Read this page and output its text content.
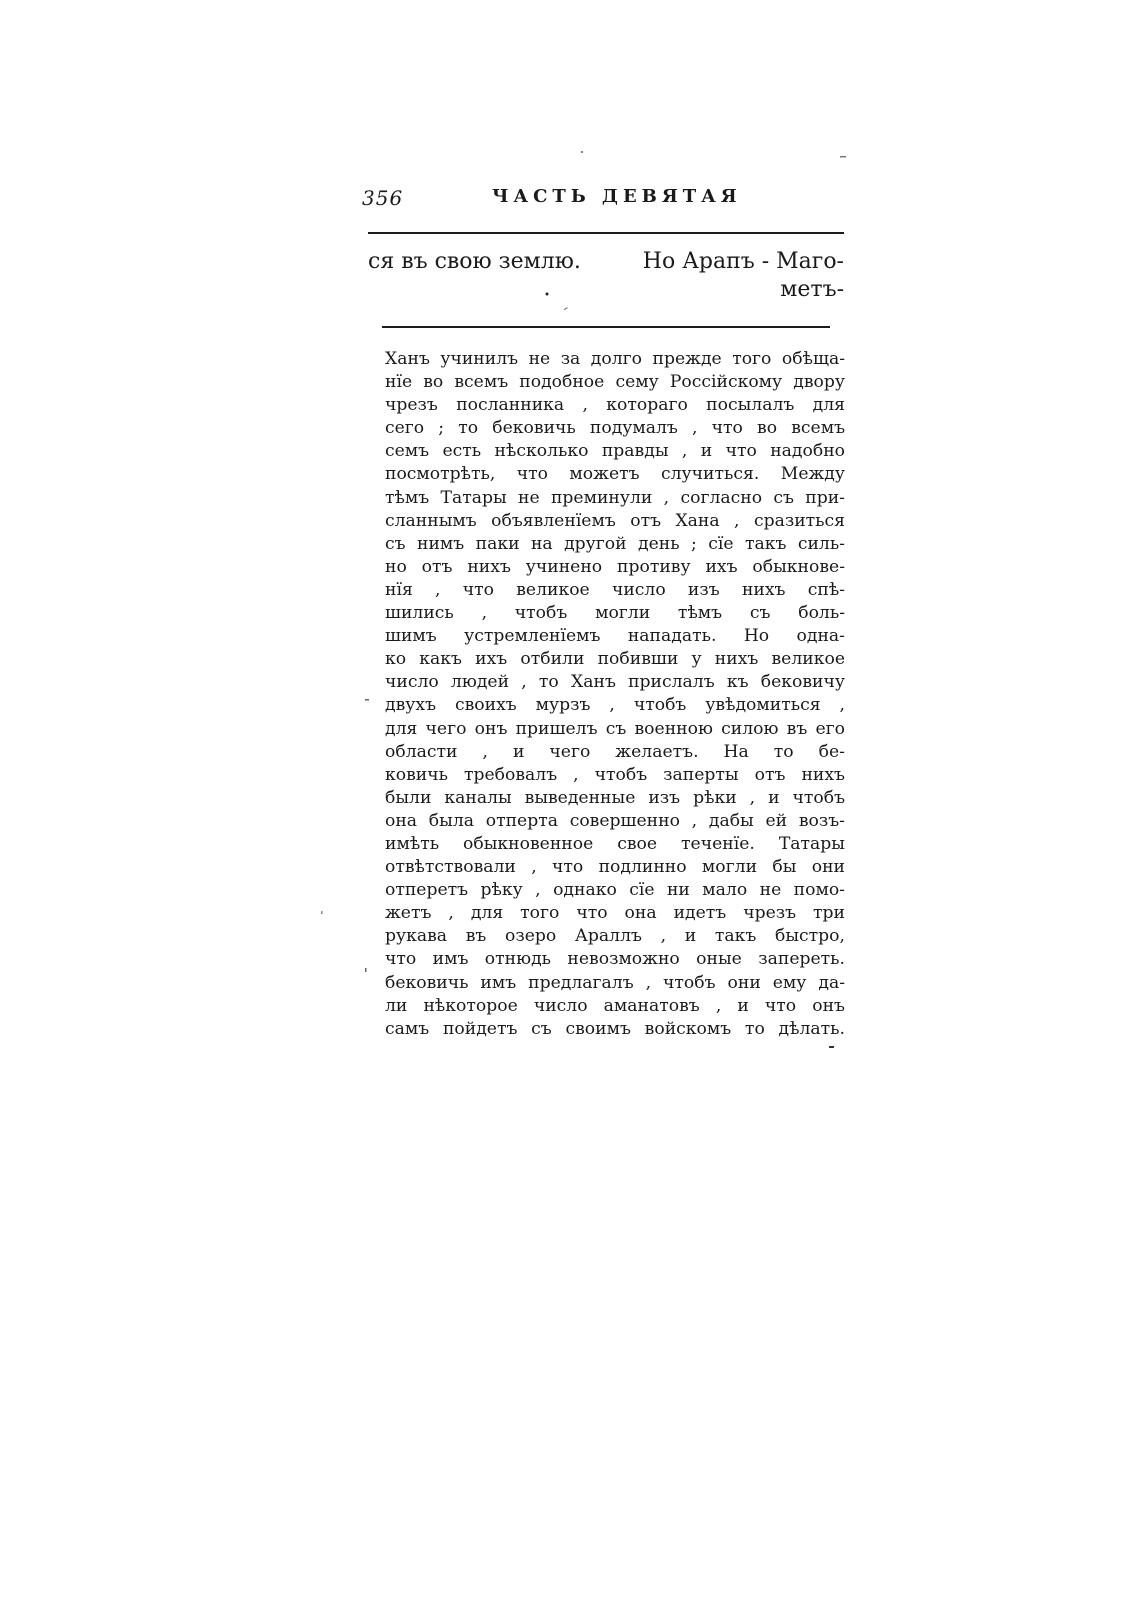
356	ЧАСТЬ ДЕВЯТАЯ
ся въ свою землю.	Но Арапъ - Маго-
метъ-
Ханъ учинилъ не за долго прежде того обѣща-
нїе во всемъ подобное сему Россійскому двору
чрезъ посланника , котораго посылалъ для
сего ; то бековичь подумалъ , что во всемъ
семъ есть нѣсколько правды , и что надобно
посмотрѣть, что можетъ случиться. Между
тѣмъ Татары не преминули , согласно съ при-
сланнымъ объявленїемъ отъ Хана , сразиться
съ нимъ паки на другой день ; сїе такъ силь-
но отъ нихъ учинено противу ихъ обыкнове-
нїя , что великое число изъ нихъ спѣ-
шились , чтобъ могли тѣмъ съ боль-
шимъ устремленїемъ нападать. Но одна-
ко какъ ихъ отбили побивши у нихъ великое
число людей , то Ханъ прислалъ къ бековичу
двухъ своихъ мурзъ , чтобъ увѣдомиться ,
для чего онъ пришелъ съ военною силою въ его
области , и чего желаетъ. На то бе-
ковичь требовалъ , чтобъ заперты отъ нихъ
были каналы выведенные изъ рѣки , и чтобъ
она была отперта совершенно , дабы ей возъ-
имѣть обыкновенное свое теченїе. Татары
отвѣтствовали , что подлинно могли бы они
отперетъ рѣку , однако сїе ни мало не помо-
жетъ , для того что она идетъ чрезъ три
рукава въ озеро Араллъ , и такъ быстро,
что имъ отнюдь невозможно оные запереть.
бековичь имъ предлагалъ , чтобъ они ему да-
ли нѣкоторое число аманатовъ , и что онъ
самъ пойдетъ съ своимъ войскомъ то дѣлать.
